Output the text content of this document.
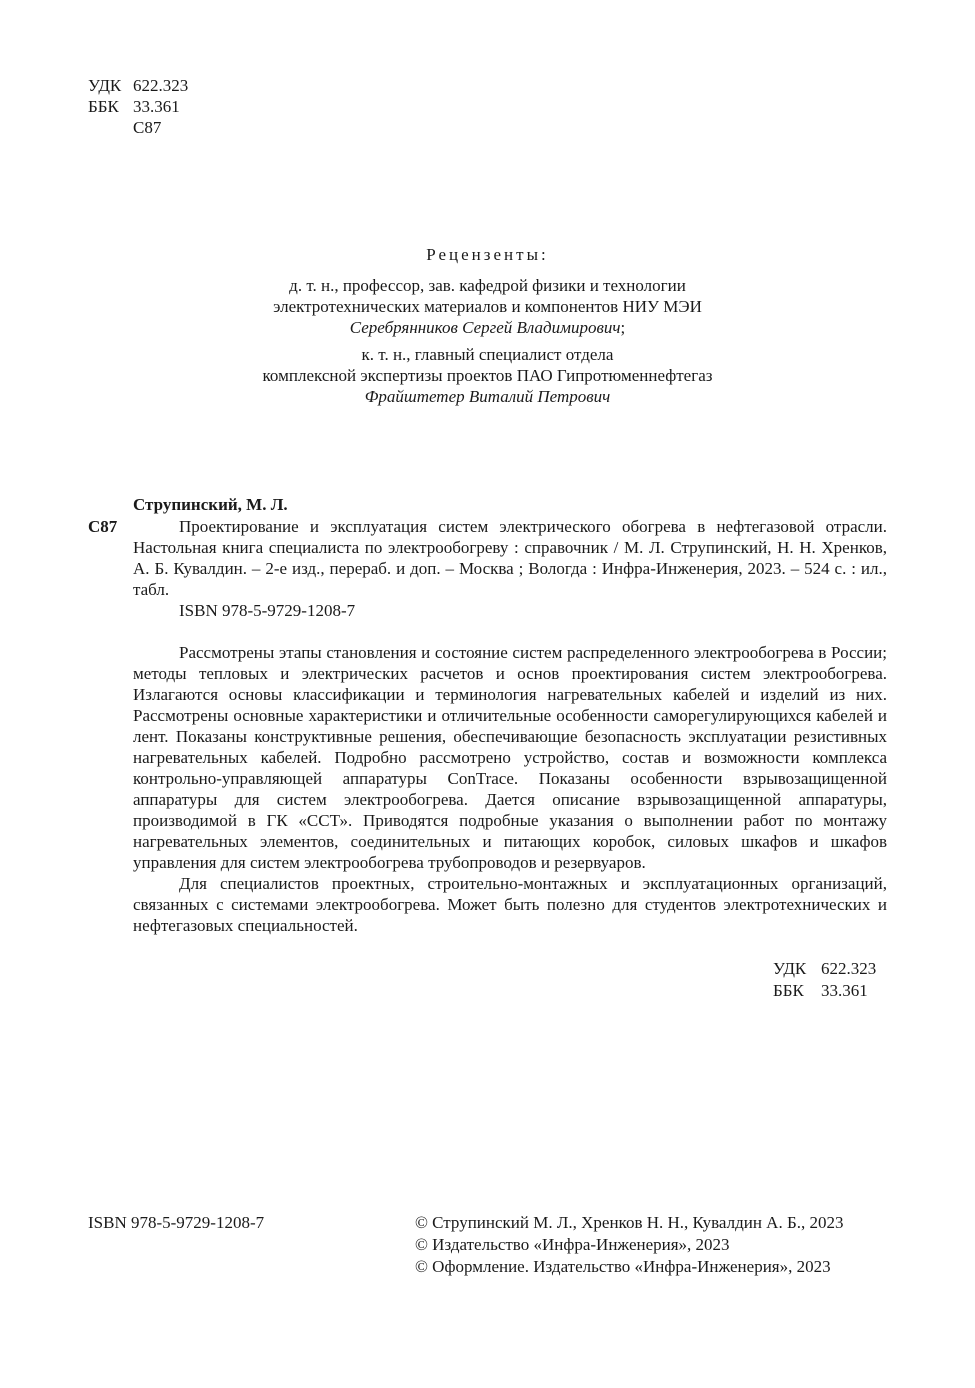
УДК 622.323
ББК 33.361
С87
Рецензенты:
д. т. н., профессор, зав. кафедрой физики и технологии
электротехнических материалов и компонентов НИУ МЭИ
Серебрянников Сергей Владимирович;
к. т. н., главный специалист отдела
комплексной экспертизы проектов ПАО Гипротюменнефтегаз
Фрайштетер Виталий Петрович
Струпинский, М. Л.
С87	Проектирование и эксплуатация систем электрического обогрева в нефтегазовой отрасли. Настольная книга специалиста по электрообогреву : справочник / М. Л. Струпинский, Н. Н. Хренков, А. Б. Кувалдин. – 2-е изд., перераб. и доп. – Москва ; Вологда : Инфра-Инженерия, 2023. – 524 с. : ил., табл.

ISBN 978-5-9729-1208-7

Рассмотрены этапы становления и состояние систем распределенного электрообогрева в России; методы тепловых и электрических расчетов и основ проектирования систем электрообогрева. Излагаются основы классификации и терминология нагревательных кабелей и изделий из них. Рассмотрены основные характеристики и отличительные особенности саморегулирующихся кабелей и лент. Показаны конструктивные решения, обеспечивающие безопасность эксплуатации резистивных нагревательных кабелей. Подробно рассмотрено устройство, состав и возможности комплекса контрольно-управляющей аппаратуры ConTrace. Показаны особенности взрывозащищенной аппаратуры для систем электрообогрева. Дается описание взрывозащищенной аппаратуры, производимой в ГК «ССТ». Приводятся подробные указания о выполнении работ по монтажу нагревательных элементов, соединительных и питающих коробок, силовых шкафов и шкафов управления для систем электрообогрева трубопроводов и резервуаров.

Для специалистов проектных, строительно-монтажных и эксплуатационных организаций, связанных с системами электрообогрева. Может быть полезно для студентов электротехнических и нефтегазовых специальностей.

УДК 622.323
ББК 33.361
ISBN 978-5-9729-1208-7	© Струпинский М. Л., Хренков Н. Н., Кувалдин А. Б., 2023
© Издательство «Инфра-Инженерия», 2023
© Оформление. Издательство «Инфра-Инженерия», 2023
